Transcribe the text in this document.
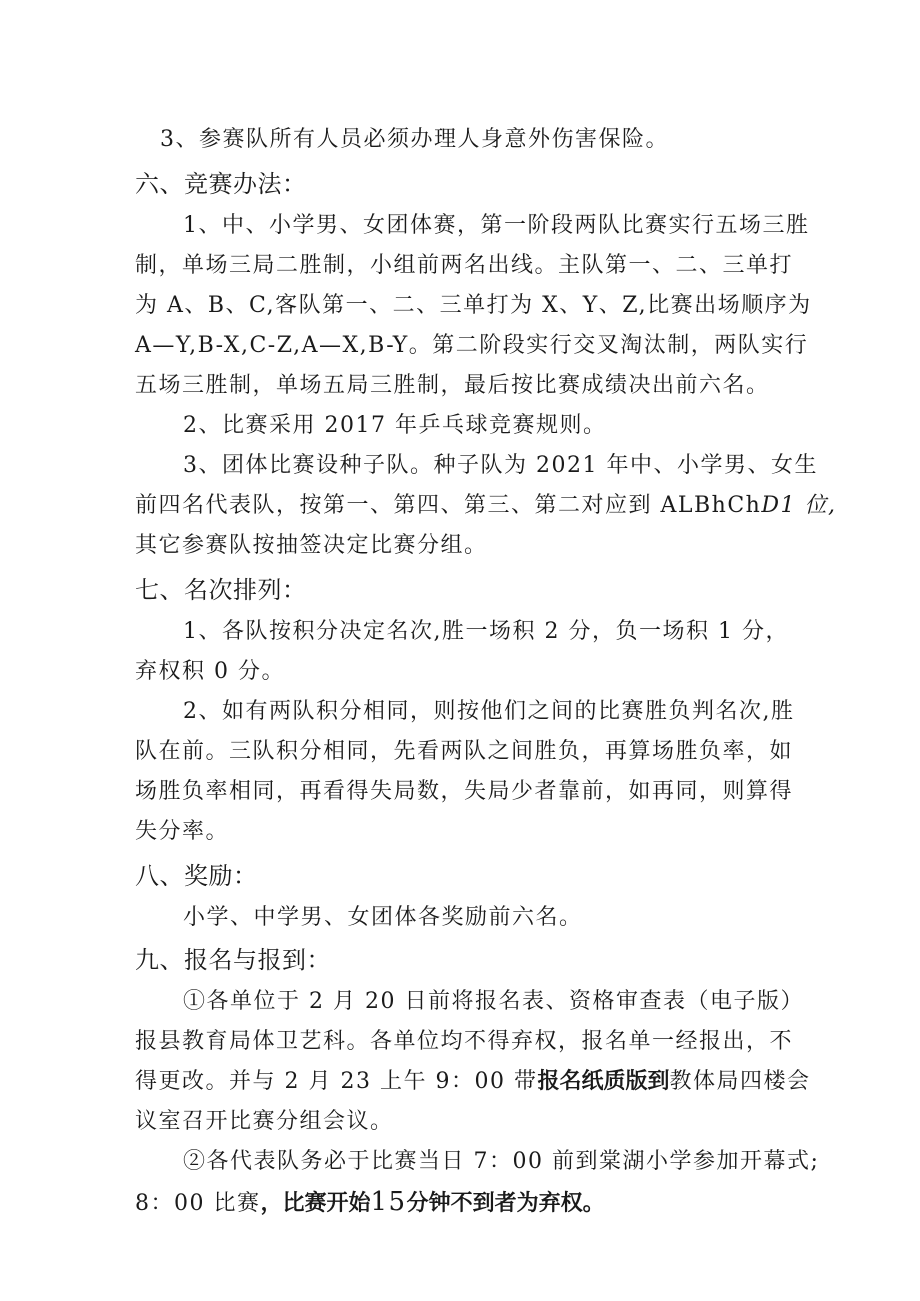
3、参赛队所有人员必须办理人身意外伤害保险。
六、竞赛办法：
1、中、小学男、女团体赛，第一阶段两队比赛实行五场三胜
制，单场三局二胜制，小组前两名出线。主队第一、二、三单打
为 A、B、C,客队第一、二、三单打为 X、Y、Z,比赛出场顺序为
A—Y,B-X,C-Z,A—X,B-Y。第二阶段实行交叉淘汰制，两队实行
五场三胜制，单场五局三胜制，最后按比赛成绩决出前六名。
2、比赛采用 2017 年乒乓球竞赛规则。
3、团体比赛设种子队。种子队为 2021 年中、小学男、女生
前四名代表队，按第一、第四、第三、第二对应到 ALBhChD1 位,
其它参赛队按抽签决定比赛分组。
七、名次排列：
1、各队按积分决定名次,胜一场积 2 分，负一场积 1 分，
弃权积 0 分。
2、如有两队积分相同，则按他们之间的比赛胜负判名次,胜
队在前。三队积分相同，先看两队之间胜负，再算场胜负率，如
场胜负率相同，再看得失局数，失局少者靠前，如再同，则算得
失分率。
八、奖励：
小学、中学男、女团体各奖励前六名。
九、报名与报到：
①各单位于 2 月 20 日前将报名表、资格审查表（电子版）
报县教育局体卫艺科。各单位均不得弃权，报名单一经报出，不
得更改。并与 2 月 23 上午 9：00 带报名纸质版到教体局四楼会
议室召开比赛分组会议。
②各代表队务必于比赛当日 7：00 前到棠湖小学参加开幕式;
8：00 比赛，比赛开始15分钟不到者为弃权。
